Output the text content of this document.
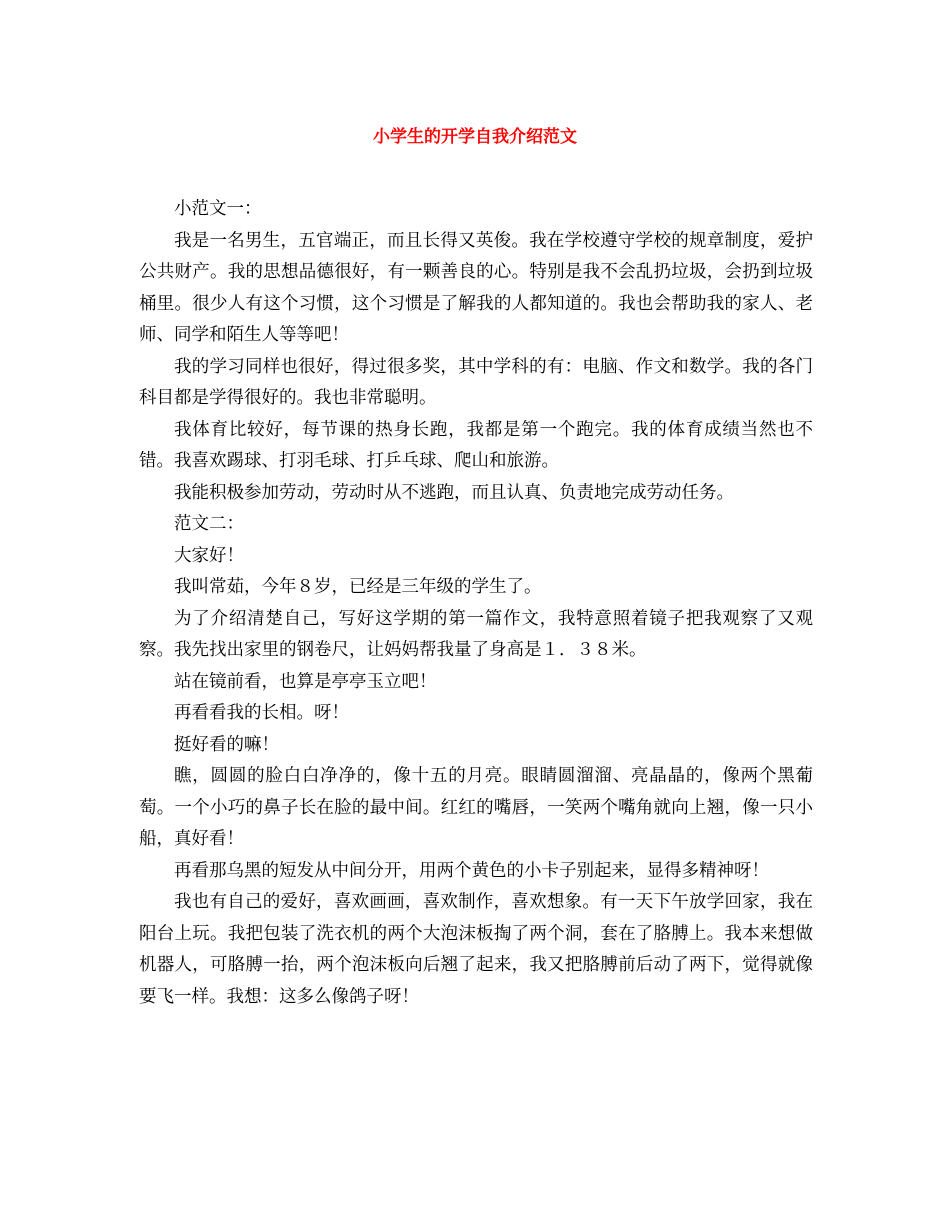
小学生的开学自我介绍范文

小范文一：

我是一名男生，五官端正，而且长得又英俊。我在学校遵守学校的规章制度，爱护公共财产。我的思想品德很好，有一颗善良的心。特别是我不会乱扔垃圾，会扔到垃圾桶里。很少人有这个习惯，这个习惯是了解我的人都知道的。我也会帮助我的家人、老师、同学和陌生人等等吧！

我的学习同样也很好，得过很多奖，其中学科的有：电脑、作文和数学。我的各门科目都是学得很好的。我也非常聪明。

我体育比较好，每节课的热身长跑，我都是第一个跑完。我的体育成绩当然也不错。我喜欢踢球、打羽毛球、打乒乓球、爬山和旅游。

我能积极参加劳动，劳动时从不逃跑，而且认真、负责地完成劳动任务。

范文二：

大家好！

我叫常茹，今年８岁，已经是三年级的学生了。

为了介绍清楚自己，写好这学期的第一篇作文，我特意照着镜子把我观察了又观察。我先找出家里的钢卷尺，让妈妈帮我量了身高是１．３８米。

站在镜前看，也算是亭亭玉立吧！

再看看我的长相。呀！

挺好看的嘛！

瞧，圆圆的脸白白净净的，像十五的月亮。眼睛圆溜溜、亮晶晶的，像两个黑葡萄。一个小巧的鼻子长在脸的最中间。红红的嘴唇，一笑两个嘴角就向上翘，像一只小船，真好看！

再看那乌黑的短发从中间分开，用两个黄色的小卡子别起来，显得多精神呀！

我也有自己的爱好，喜欢画画，喜欢制作，喜欢想象。有一天下午放学回家，我在阳台上玩。我把包装了洗衣机的两个大泡沫板掏了两个洞，套在了胳膊上。我本来想做机器人，可胳膊一抬，两个泡沫板向后翘了起来，我又把胳膊前后动了两下，觉得就像要飞一样。我想：这多么像鸽子呀！
